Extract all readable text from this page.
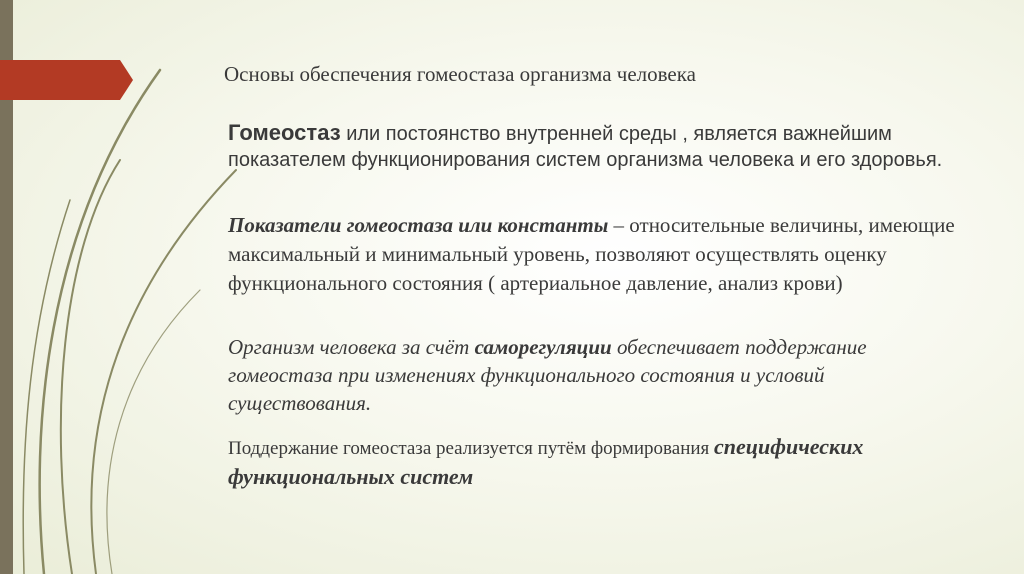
Основы обеспечения гомеостаза организма человека
Гомеостаз или постоянство внутренней среды , является важнейшим показателем функционирования систем организма человека и его здоровья.
Показатели гомеостаза или константы – относительные величины, имеющие максимальный и минимальный уровень, позволяют осуществлять оценку функционального состояния ( артериальное давление, анализ крови)
Организм человека за счёт саморегуляции обеспечивает поддержание гомеостаза при изменениях функционального состояния и условий существования.
Поддержание гомеостаза реализуется путём формирования специфических функциональных систем
